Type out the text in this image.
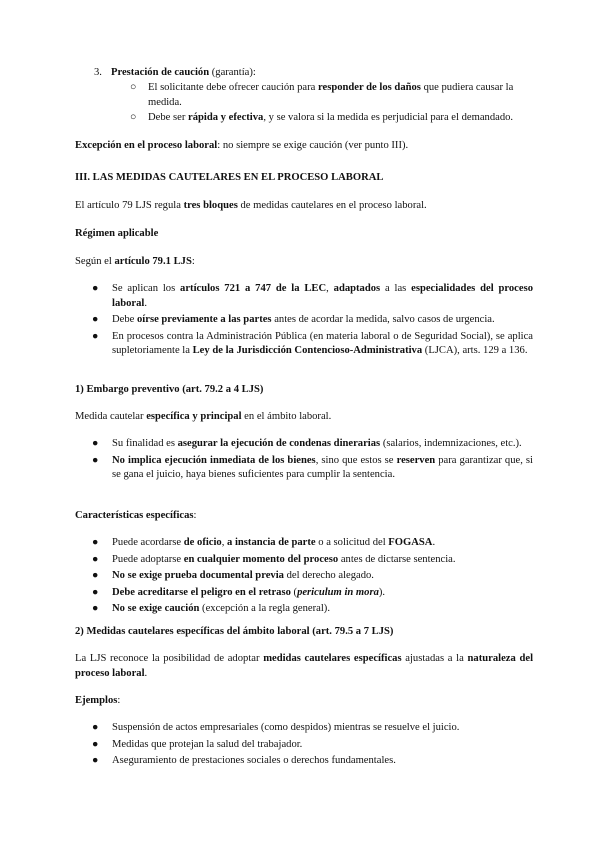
3. Prestación de caución (garantía):
○ El solicitante debe ofrecer caución para responder de los daños que pudiera causar la medida.
○ Debe ser rápida y efectiva, y se valora si la medida es perjudicial para el demandado.

Excepción en el proceso laboral: no siempre se exige caución (ver punto III).

III. LAS MEDIDAS CAUTELARES EN EL PROCESO LABORAL

El artículo 79 LJS regula tres bloques de medidas cautelares en el proceso laboral.

Régimen aplicable

Según el artículo 79.1 LJS:

● Se aplican los artículos 721 a 747 de la LEC, adaptados a las especialidades del proceso laboral.
● Debe oírse previamente a las partes antes de acordar la medida, salvo casos de urgencia.
● En procesos contra la Administración Pública (en materia laboral o de Seguridad Social), se aplica supletoriamente la Ley de la Jurisdicción Contencioso-Administrativa (LJCA), arts. 129 a 136.

1) Embargo preventivo (art. 79.2 a 4 LJS)

Medida cautelar específica y principal en el ámbito laboral.

● Su finalidad es asegurar la ejecución de condenas dinerarias (salarios, indemnizaciones, etc.).
● No implica ejecución inmediata de los bienes, sino que estos se reserven para garantizar que, si se gana el juicio, haya bienes suficientes para cumplir la sentencia.

Características específicas:

● Puede acordarse de oficio, a instancia de parte o a solicitud del FOGASA.
● Puede adoptarse en cualquier momento del proceso antes de dictarse sentencia.
● No se exige prueba documental previa del derecho alegado.
● Debe acreditarse el peligro en el retraso (periculum in mora).
● No se exige caución (excepción a la regla general).

2) Medidas cautelares específicas del ámbito laboral (art. 79.5 a 7 LJS)

La LJS reconoce la posibilidad de adoptar medidas cautelares específicas ajustadas a la naturaleza del proceso laboral.

Ejemplos:

● Suspensión de actos empresariales (como despidos) mientras se resuelve el juicio.
● Medidas que protejan la salud del trabajador.
● Aseguramiento de prestaciones sociales o derechos fundamentales.
